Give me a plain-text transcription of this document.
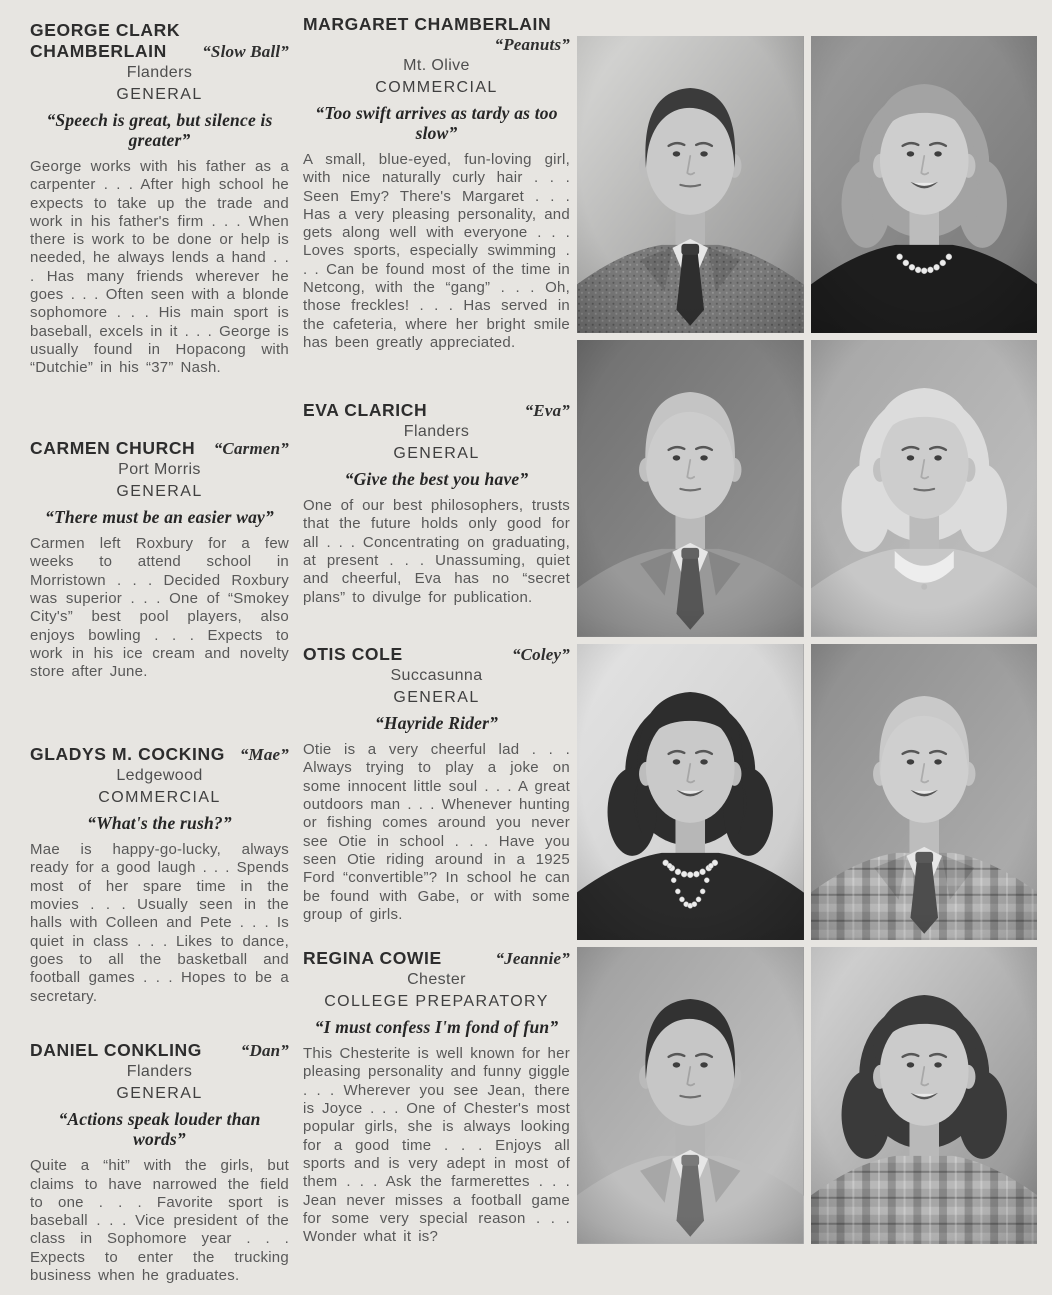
GEORGE CLARK
CHAMBERLAIN “Slow Ball”
Flanders
GENERAL
“Speech is great, but silence is greater”

George works with his father as a carpenter . . . After high school he expects to take up the trade and work in his father's firm . . . When there is work to be done or help is needed, he always lends a hand . . . Has many friends wherever he goes . . . Often seen with a blonde sophomore . . . His main sport is baseball, excels in it . . . George is usually found in Hopacong with “Dutchie” in his “37” Nash.

CARMEN CHURCH “Carmen”
Port Morris
GENERAL
“There must be an easier way”

Carmen left Roxbury for a few weeks to attend school in Morristown . . . Decided Roxbury was superior . . . One of “Smokey City's” best pool players, also enjoys bowling . . . Expects to work in his ice cream and novelty store after June.

GLADYS M. COCKING “Mae”
Ledgewood
COMMERCIAL
“What's the rush?”

Mae is happy-go-lucky, always ready for a good laugh . . . Spends most of her spare time in the movies . . . Usually seen in the halls with Colleen and Pete . . . Is quiet in class . . . Likes to dance, goes to all the basketball and football games . . . Hopes to be a secretary.

DANIEL CONKLING “Dan”
Flanders
GENERAL
“Actions speak louder than words”

Quite a “hit” with the girls, but claims to have narrowed the field to one . . . Favorite sport is baseball . . . Vice president of the class in Sophomore year . . . Expects to enter the trucking business when he graduates.

MARGARET CHAMBERLAIN
“Peanuts”
Mt. Olive
COMMERCIAL
“Too swift arrives as tardy as too slow”

A small, blue-eyed, fun-loving girl, with nice naturally curly hair . . . Seen Emy? There's Margaret . . . Has a very pleasing personality, and gets along well with everyone . . . Loves sports, especially swimming . . . Can be found most of the time in Netcong, with the “gang” . . . Oh, those freckles! . . . Has served in the cafeteria, where her bright smile has been greatly appreciated.

EVA CLARICH	“Eva”
Flanders
GENERAL
“Give the best you have”

One of our best philosophers, trusts that the future holds only good for all . . . Concentrating on graduating, at present . . . Unassuming, quiet and cheerful, Eva has no “secret plans” to divulge for publication.

OTIS COLE	“Coley”
Succasunna
GENERAL
“Hayride Rider”

Otie is a very cheerful lad . . . Always trying to play a joke on some innocent little soul . . . A great outdoors man . . . Whenever hunting or fishing comes around you never see Otie in school . . . Have you seen Otie riding around in a 1925 Ford “convertible”? In school he can be found with Gabe, or with some group of girls.

REGINA COWIE	“Jeannie”
Chester
COLLEGE PREPARATORY
“I must confess I'm fond of fun”

This Chesterite is well known for her pleasing personality and funny giggle . . . Wherever you see Jean, there is Joyce . . . One of Chester's most popular girls, she is always looking for a good time . . . Enjoys all sports and is very adept in most of them . . . Ask the farmerettes . . . Jean never misses a football game for some very special reason . . . Wonder what it is?
